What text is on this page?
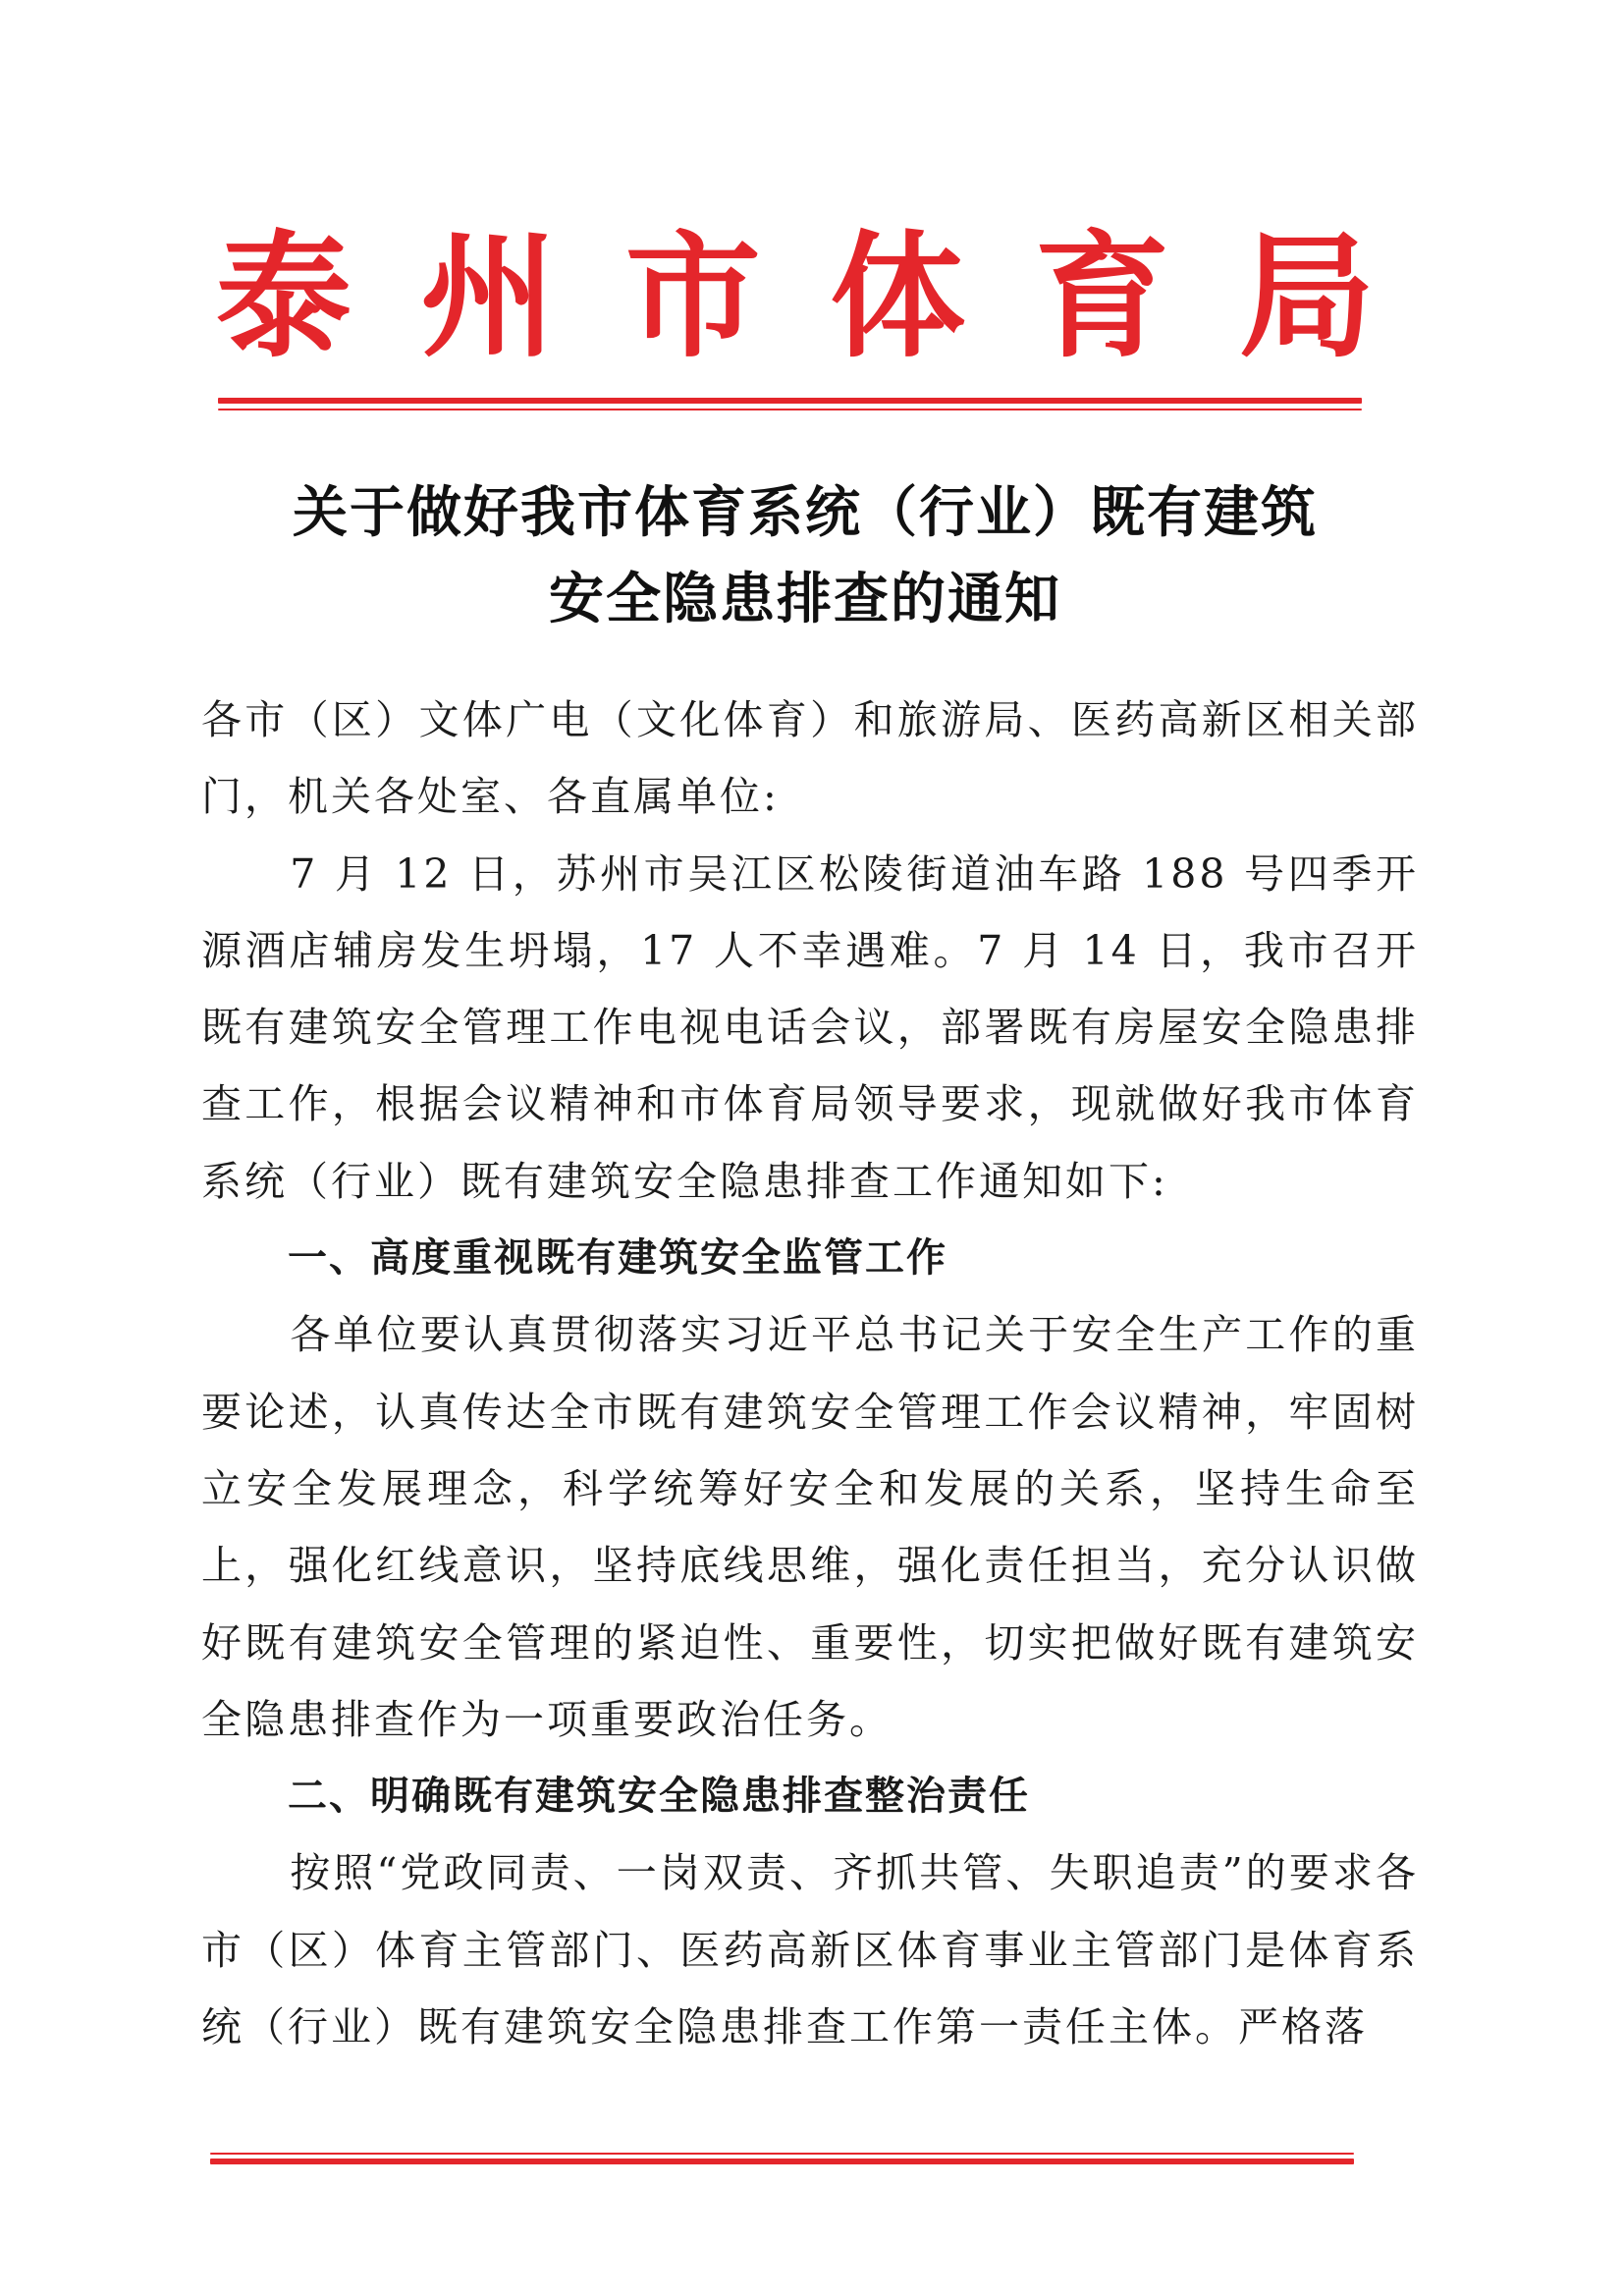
泰 州 市 体 育 局
关于做好我市体育系统（行业）既有建筑
安全隐患排查的通知

各市（区）文体广电（文化体育）和旅游局、医药高新区相关部门，机关各处室、各直属单位:

7 月 12 日，苏州市吴江区松陵街道油车路 188 号四季开源酒店辅房发生坍塌，17 人不幸遇难。7 月 14 日，我市召开既有建筑安全管理工作电视电话会议，部署既有房屋安全隐患排查工作，根据会议精神和市体育局领导要求，现就做好我市体育系统（行业）既有建筑安全隐患排查工作通知如下:

一、高度重视既有建筑安全监管工作

各单位要认真贯彻落实习近平总书记关于安全生产工作的重要论述，认真传达全市既有建筑安全管理工作会议精神，牢固树立安全发展理念，科学统筹好安全和发展的关系，坚持生命至上，强化红线意识，坚持底线思维，强化责任担当，充分认识做好既有建筑安全管理的紧迫性、重要性，切实把做好既有建筑安全隐患排查作为一项重要政治任务。

二、明确既有建筑安全隐患排查整治责任

按照“党政同责、一岗双责、齐抓共管、失职追责”的要求各市（区）体育主管部门、医药高新区体育事业主管部门是体育系统（行业）既有建筑安全隐患排查工作第一责任主体。严格落
